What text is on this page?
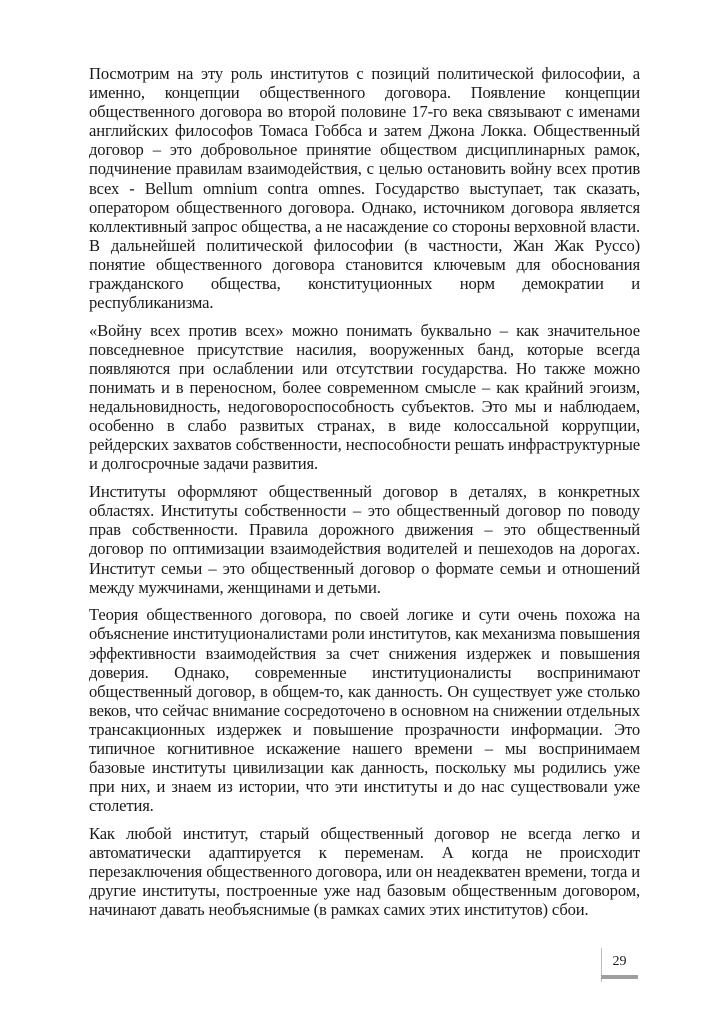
Посмотрим на эту роль институтов с позиций политической философии, а именно, концепции общественного договора. Появление концепции общественного договора во второй половине 17-го века связывают с именами английских философов Томаса Гоббса и затем Джона Локка. Общественный договор – это добровольное принятие обществом дисциплинарных рамок, подчинение правилам взаимодействия, с целью остановить войну всех против всех - Bellum omnium contra omnes. Государство выступает, так сказать, оператором общественного договора. Однако, источником договора является коллективный запрос общества, а не насаждение со стороны верховной власти. В дальнейшей политической философии (в частности, Жан Жак Руссо) понятие общественного договора становится ключевым для обоснования гражданского общества, конституционных норм демократии и республиканизма.

«Войну всех против всех» можно понимать буквально – как значительное повседневное присутствие насилия, вооруженных банд, которые всегда появляются при ослаблении или отсутствии государства. Но также можно понимать и в переносном, более современном смысле – как крайний эгоизм, недальновидность, недоговороспособность субъектов. Это мы и наблюдаем, особенно в слабо развитых странах, в виде колоссальной коррупции, рейдерских захватов собственности, неспособности решать инфраструктурные и долгосрочные задачи развития.

Институты оформляют общественный договор в деталях, в конкретных областях. Институты собственности – это общественный договор по поводу прав собственности. Правила дорожного движения – это общественный договор по оптимизации взаимодействия водителей и пешеходов на дорогах. Институт семьи – это общественный договор о формате семьи и отношений между мужчинами, женщинами и детьми.

Теория общественного договора, по своей логике и сути очень похожа на объяснение институционалистами роли институтов, как механизма повышения эффективности взаимодействия за счет снижения издержек и повышения доверия. Однако, современные институционалисты воспринимают общественный договор, в общем-то, как данность. Он существует уже столько веков, что сейчас внимание сосредоточено в основном на снижении отдельных трансакционных издержек и повышение прозрачности информации. Это типичное когнитивное искажение нашего времени – мы воспринимаем базовые институты цивилизации как данность, поскольку мы родились уже при них, и знаем из истории, что эти институты и до нас существовали уже столетия.

Как любой институт, старый общественный договор не всегда легко и автоматически адаптируется к переменам. А когда не происходит перезаключения общественного договора, или он неадекватен времени, тогда и другие институты, построенные уже над базовым общественным договором, начинают давать необъяснимые (в рамках самих этих институтов) сбои.

29
